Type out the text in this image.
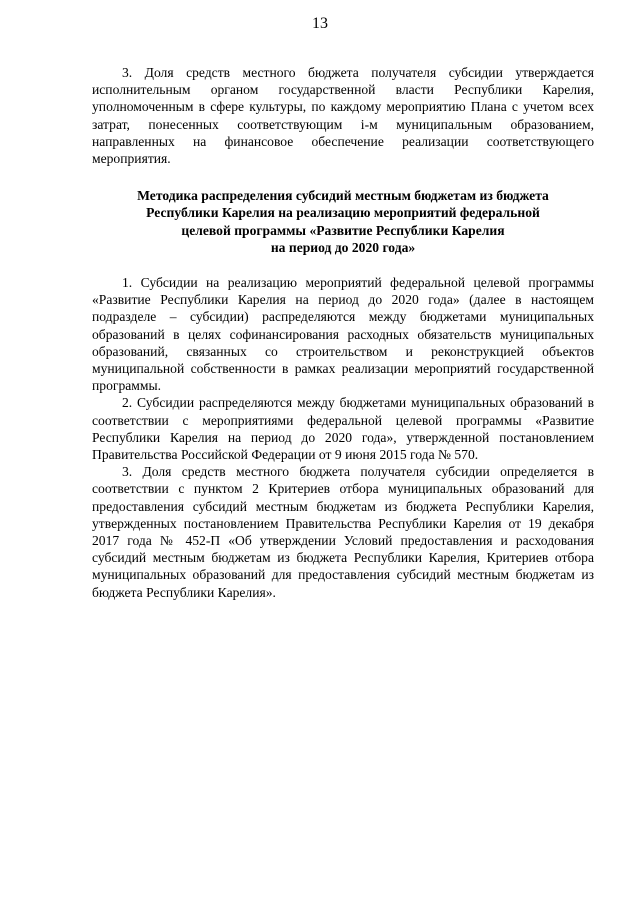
13

3. Доля средств местного бюджета получателя субсидии утверждается исполнительным органом государственной власти Республики Карелия, уполномоченным в сфере культуры, по каждому мероприятию Плана с учетом всех затрат, понесенных соответствующим i-м муниципальным образованием, направленных на финансовое обеспечение реализации соответствующего мероприятия.

Методика распределения субсидий местным бюджетам из бюджета
Республики Карелия на реализацию мероприятий федеральной
целевой программы «Развитие Республики Карелия
на период до 2020 года»

1. Субсидии на реализацию мероприятий федеральной целевой программы «Развитие Республики Карелия на период до 2020 года» (далее в настоящем подразделе – субсидии) распределяются между бюджетами муниципальных образований в целях софинансирования расходных обязательств муниципальных образований, связанных со строительством и реконструкцией объектов муниципальной собственности в рамках реализации мероприятий государственной программы.

2. Субсидии распределяются между бюджетами муниципальных образований в соответствии с мероприятиями федеральной целевой программы «Развитие Республики Карелия на период до 2020 года», утвержденной постановлением Правительства Российской Федерации от 9 июня 2015 года № 570.

3. Доля средств местного бюджета получателя субсидии определяется в соответствии с пунктом 2 Критериев отбора муниципальных образований для предоставления субсидий местным бюджетам из бюджета Республики Карелия, утвержденных постановлением Правительства Республики Карелия от 19 декабря 2017 года № 452-П «Об утверждении Условий предоставления и расходования субсидий местным бюджетам из бюджета Республики Карелия, Критериев отбора муниципальных образований для предоставления субсидий местным бюджетам из бюджета Республики Карелия».
